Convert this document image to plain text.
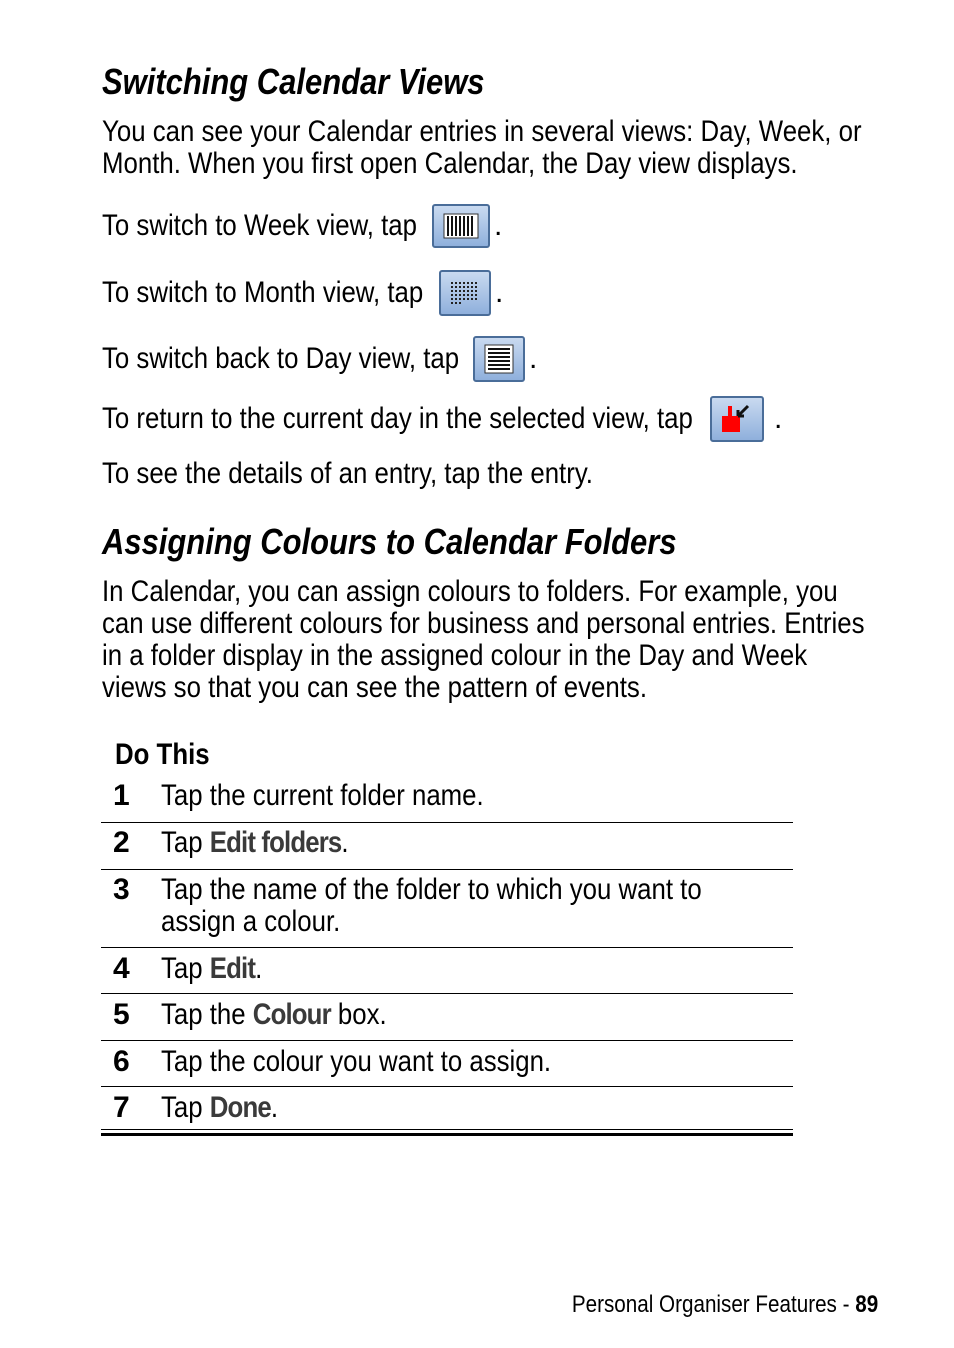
Switching Calendar Views

You can see your Calendar entries in several views: Day, Week, or

Month. When you first open Calendar, the Day view displays.

To switch to Week view, tap	.
To switch to Month view, tap .
To switch back to Day view, tap .
To return to the current day in the selected view, tap	.

To see the details of an entry, tap the entry.

Assigning Colours to Calendar Folders

In Calendar, you can assign colours to folders. For example, you

can use different colours for business and personal entries. Entries

in a folder display in the assigned colour in the Day and Week

views so that you can see the pattern of events.

Do This
1 Tap the current folder name.
2 Tap Edit folders.
3 Tap the name of the folder to which you want to
assign a colour.
4 Tap Edit.
5 Tap the Colour box.
6 Tap the colour you want to assign.
7 Tap Done.
Personal Organiser Features - 89
